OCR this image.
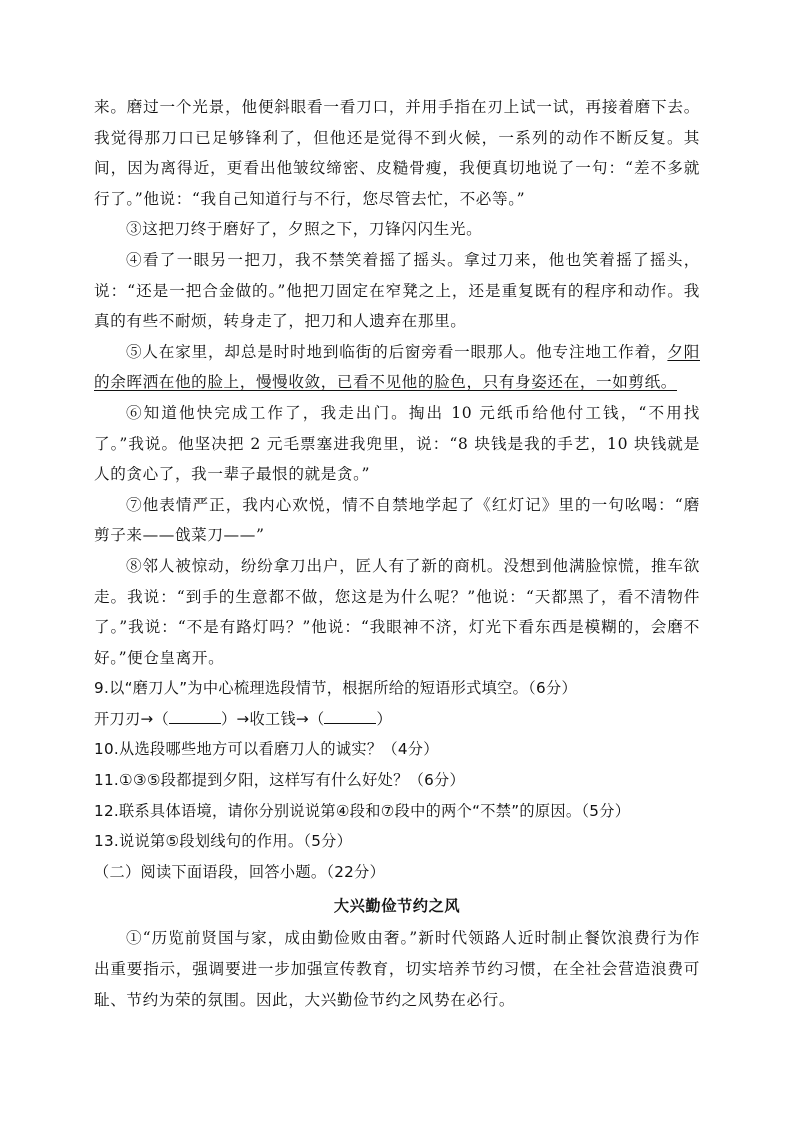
来。磨过一个光景，他便斜眼看一看刀口，并用手指在刃上试一试，再接着磨下去。我觉得那刀口已足够锋利了，但他还是觉得不到火候，一系列的动作不断反复。其间，因为离得近，更看出他皱纹缔密、皮糙骨瘦，我便真切地说了一句：“差不多就行了。”他说：“我自己知道行与不行，您尽管去忙，不必等。”

③这把刀终于磨好了，夕照之下，刀锋闪闪生光。

④看了一眼另一把刀，我不禁笑着摇了摇头。拿过刀来，他也笑着摇了摇头，说：“还是一把合金做的。”他把刀固定在窄凳之上，还是重复既有的程序和动作。我真的有些不耐烦，转身走了，把刀和人遗弃在那里。

⑤人在家里，却总是时时地到临街的后窗旁看一眼那人。他专注地工作着，夕阳的余晖洒在他的脸上，慢慢收敛，已看不见他的脸色，只有身姿还在，一如剪纸。

⑥知道他快完成工作了，我走出门。掏出 10 元纸币给他付工钱，“不用找了。”我说。他坚决把 2 元毛票塞进我兜里，说：“8 块钱是我的手艺，10 块钱就是人的贪心了，我一辈子最恨的就是贪。”

⑦他表情严正，我内心欢悦，情不自禁地学起了《红灯记》里的一句吆喝：“磨剪子来——戗菜刀——”

⑧邻人被惊动，纷纷拿刀出户，匠人有了新的商机。没想到他满脸惊慌，推车欲走。我说：“到手的生意都不做，您这是为什么呢？”他说：“天都黑了，看不清物件了。”我说：“不是有路灯吗？”他说：“我眼神不济，灯光下看东西是模糊的，会磨不好。”便仓皇离开。

9.以“磨刀人”为中心梳理选段情节，根据所给的短语形式填空。（6分）

开刀刃→（	）→收工钱→（	）

10.从选段哪些地方可以看磨刀人的诚实？（4分）

11.①③⑤段都提到夕阳，这样写有什么好处？（6分）

12.联系具体语境，请你分别说说第④段和⑦段中的两个“不禁”的原因。（5分）

13.说说第⑤段划线句的作用。（5分）

（二）阅读下面语段，回答小题。（22分）

大兴勤俭节约之风

①“历览前贤国与家，成由勤俭败由奢。”新时代领路人近时制止餐饮浪费行为作出重要指示，强调要进一步加强宣传教育，切实培养节约习惯，在全社会营造浪费可耻、节约为荣的氛围。因此，大兴勤俭节约之风势在必行。
